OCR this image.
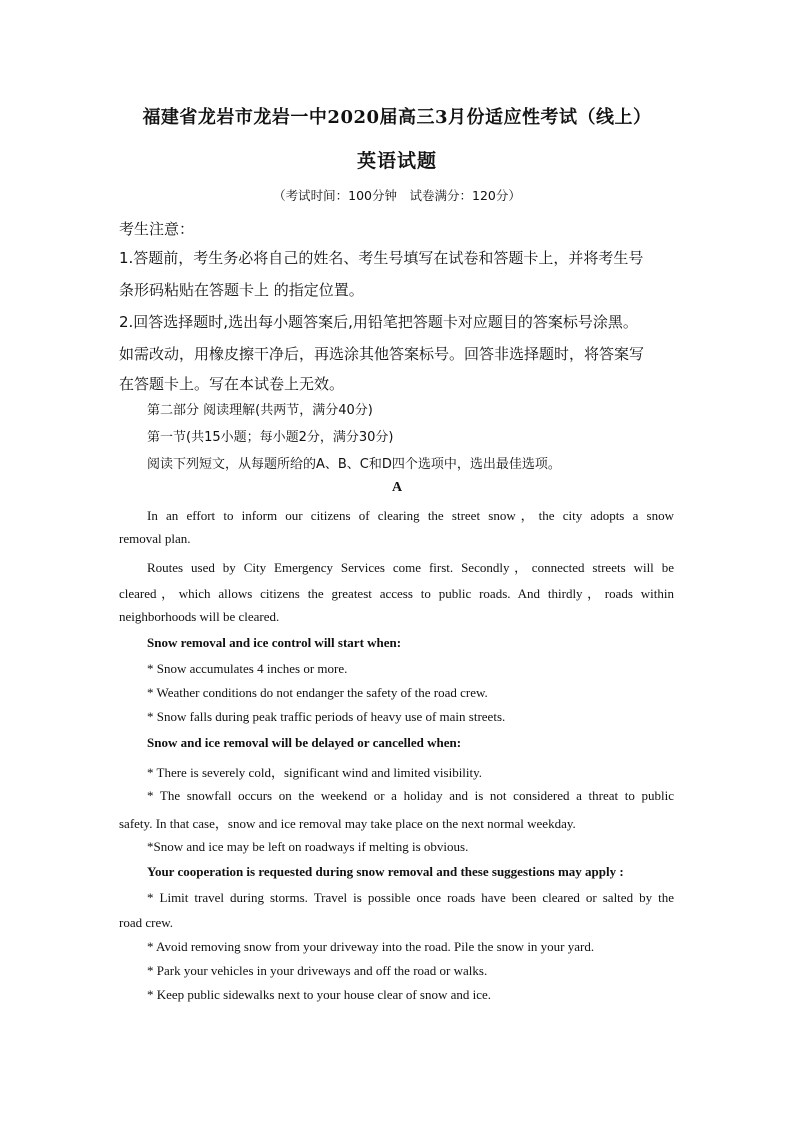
福建省龙岩市龙岩一中2020届高三3月份适应性考试（线上）
英语试题
（考试时间：100分钟　试卷满分：120分）
考生注意：
1.答题前，考生务必将自己的姓名、考生号填写在试卷和答题卡上，并将考生号
条形码粘贴在答题卡上 的指定位置。
2.回答选择题时,选出每小题答案后,用铅笔把答题卡对应题目的答案标号涂黑。
如需改动，用橡皮擦干净后，再选涂其他答案标号。回答非选择题时，将答案写
在答题卡上。写在本试卷上无效。
第二部分 阅读理解(共两节，满分40分)
第一节(共15小题；每小题2分，满分30分)
阅读下列短文，从每题所给的A、B、C和D四个选项中，选出最佳选项。
A
In an effort to inform our citizens of clearing the street snow，the city adopts a snow
removal plan.
Routes used by City Emergency Services come first. Secondly，connected streets will be
cleared，which allows citizens the greatest access to public roads. And thirdly，roads within
neighborhoods will be cleared.
Snow removal and ice control will start when:
* Snow accumulates 4 inches or more.
* Weather conditions do not endanger the safety of the road crew.
* Snow falls during peak traffic periods of heavy use of main streets.
Snow and ice removal will be delayed or cancelled when:
* There is severely cold，significant wind and limited visibility.
* The snowfall occurs on the weekend or a holiday and is not considered a threat to public
safety. In that case，snow and ice removal may take place on the next normal weekday.
*Snow and ice may be left on roadways if melting is obvious.
Your cooperation is requested during snow removal and these suggestions may apply :
* Limit travel during storms. Travel is possible once roads have been cleared or salted by the
road crew.
* Avoid removing snow from your driveway into the road. Pile the snow in your yard.
* Park your vehicles in your driveways and off the road or walks.
* Keep public sidewalks next to your house clear of snow and ice.
